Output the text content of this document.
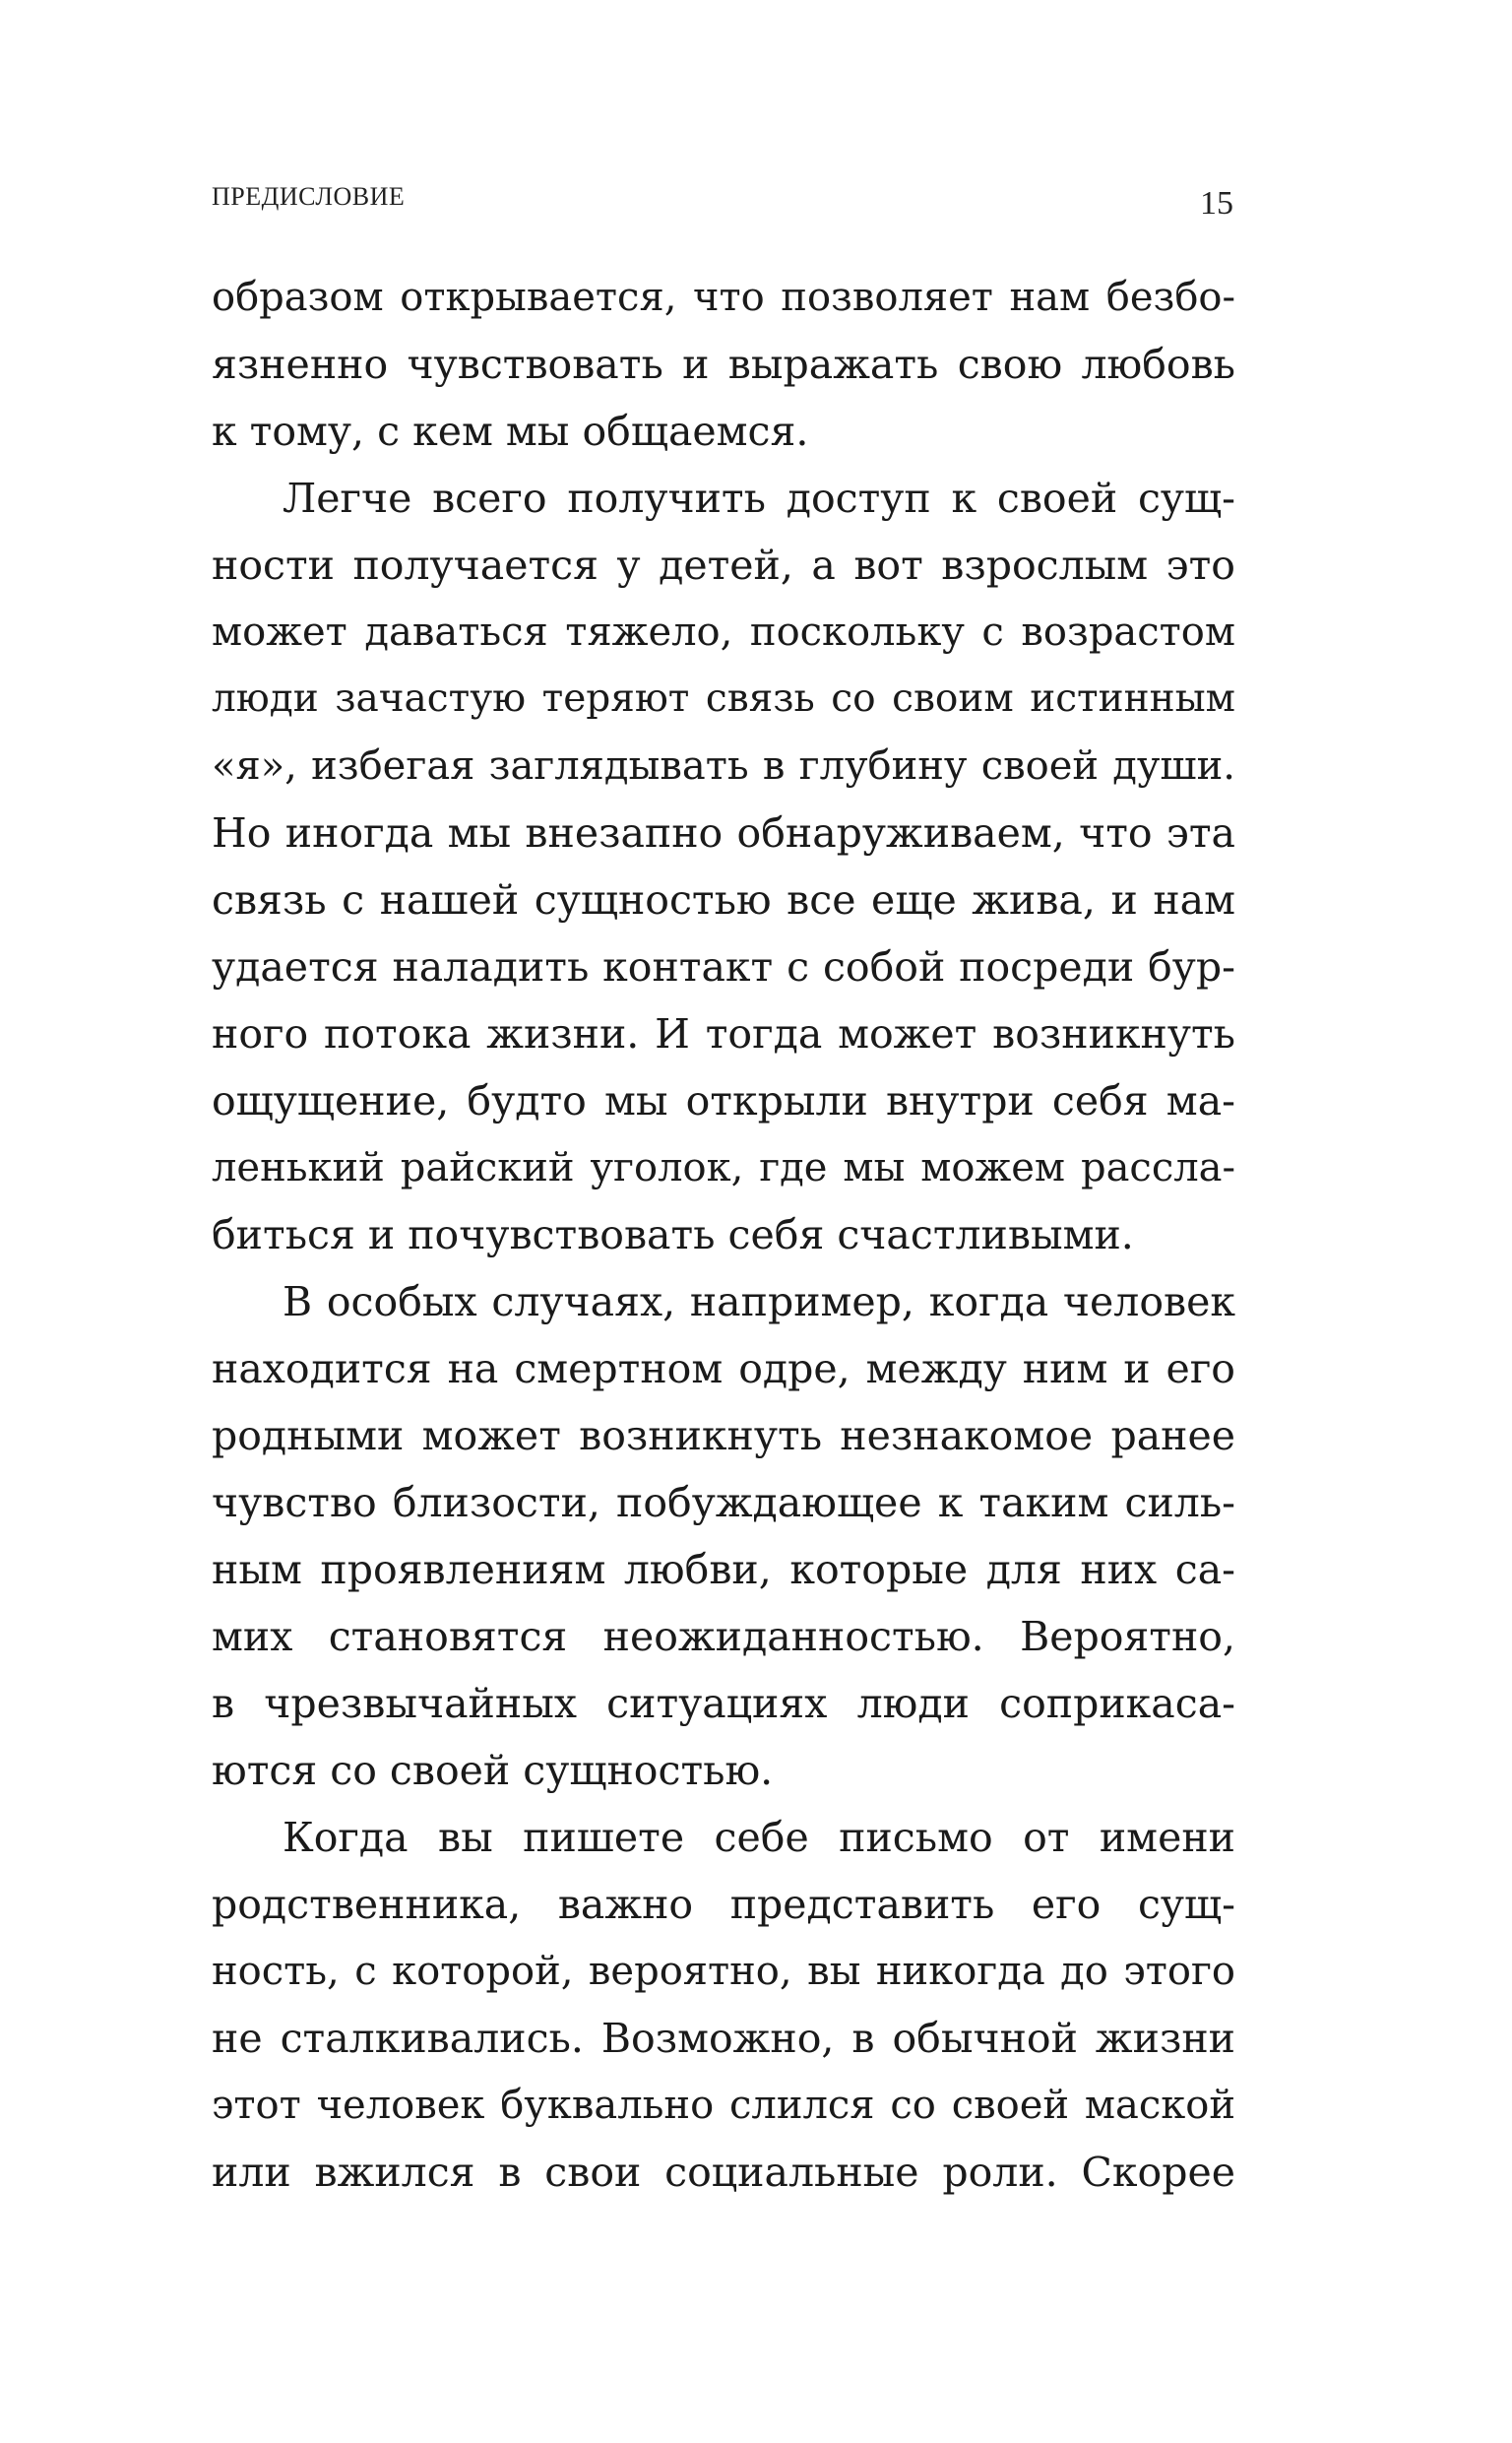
ПРЕДИСЛОВИЕ	15
образом открывается, что позволяет нам безбо-
язненно чувствовать и выражать свою любовь
к тому, с кем мы общаемся.
Легче всего получить доступ к своей сущ-
ности получается у детей, а вот взрослым это
может даваться тяжело, поскольку с возрастом
люди зачастую теряют связь со своим истинным
«я», избегая заглядывать в глубину своей души.
Но иногда мы внезапно обнаруживаем, что эта
связь с нашей сущностью все еще жива, и нам
удается наладить контакт с собой посреди бур-
ного потока жизни. И тогда может возникнуть
ощущение, будто мы открыли внутри себя ма-
ленький райский уголок, где мы можем рассла-
биться и почувствовать себя счастливыми.
В особых случаях, например, когда человек
находится на смертном одре, между ним и его
родными может возникнуть незнакомое ранее
чувство близости, побуждающее к таким силь-
ным проявлениям любви, которые для них са-
мих становятся неожиданностью. Вероятно,
в чрезвычайных ситуациях люди соприкаса-
ются со своей сущностью.
Когда вы пишете себе письмо от имени
родственника, важно представить его сущ-
ность, с которой, вероятно, вы никогда до этого
не сталкивались. Возможно, в обычной жизни
этот человек буквально слился со своей маской
или вжился в свои социальные роли. Скорее
